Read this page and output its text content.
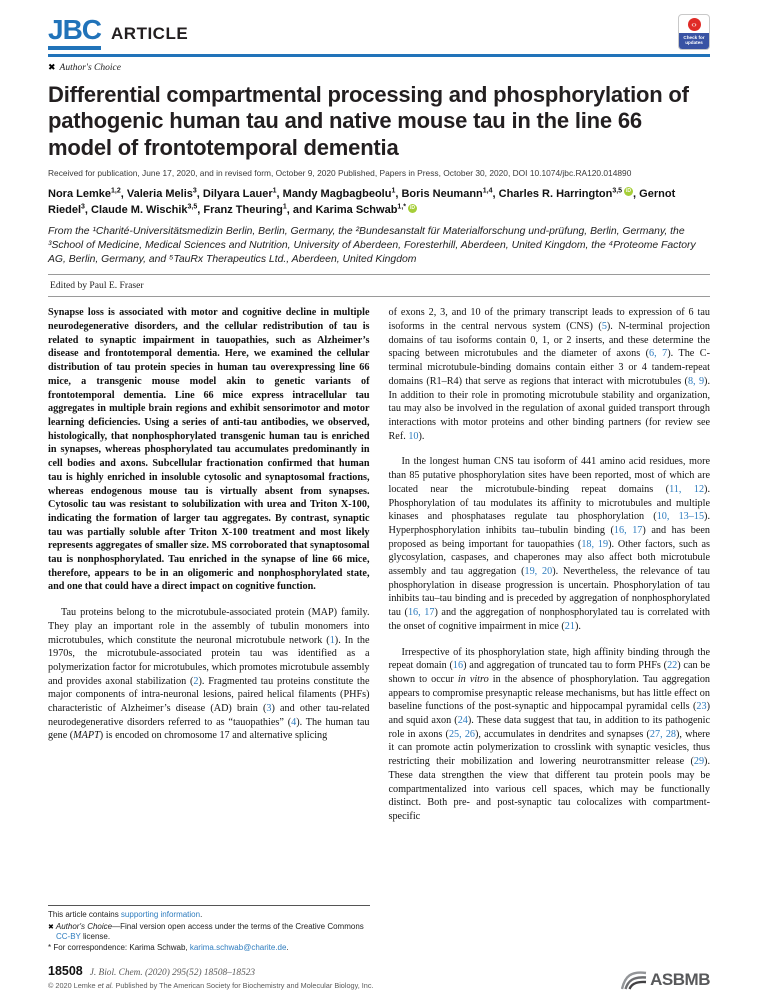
JBC ARTICLE	‹›
Check for updates
✖ Author's Choice
Differential compartmental processing and phosphorylation of pathogenic human tau and native mouse tau in the line 66 model of frontotemporal dementia

Received for publication, June 17, 2020, and in revised form, October 9, 2020 Published, Papers in Press, October 30, 2020, DOI 10.1074/jbc.RA120.014890

Nora Lemke$^{1,2}$, Valeria Melis$^3$, Dilyara Lauer$^1$, Mandy Magbagbeolu$^1$, Boris Neumann$^{1,4}$, Charles R. Harrington$^{3,5}$ iD , Gernot Riedel$^3$, Claude M. Wischik$^{3,5}$, Franz Theuring$^1$, and Karima Schwab$^{1,*}$ iD

From the ¹Charité-Universitätsmedizin Berlin, Berlin, Germany, the ²Bundesanstalt für Materialforschung und-prüfung, Berlin, Germany, the ³School of Medicine, Medical Sciences and Nutrition, University of Aberdeen, Foresterhill, Aberdeen, United Kingdom, the ⁴Proteome Factory AG, Berlin, Germany, and ⁵TauRx Therapeutics Ltd., Aberdeen, United Kingdom

Edited by Paul E. Fraser

Synapse loss is associated with motor and cognitive decline in multiple neurodegenerative disorders, and the cellular redistribution of tau is related to synaptic impairment in tauopathies, such as Alzheimer’s disease and frontotemporal dementia. Here, we examined the cellular distribution of tau protein species in human tau overexpressing line 66 mice, a transgenic mouse model akin to genetic variants of frontotemporal dementia. Line 66 mice express intracellular tau aggregates in multiple brain regions and exhibit sensorimotor and motor learning deficiencies. Using a series of anti-tau antibodies, we observed, histologically, that nonphosphorylated transgenic human tau is enriched in synapses, whereas phosphorylated tau accumulates predominantly in cell bodies and axons. Subcellular fractionation confirmed that human tau is highly enriched in insoluble cytosolic and synaptosomal fractions, whereas endogenous mouse tau is virtually absent from synapses. Cytosolic tau was resistant to solubilization with urea and Triton X-100, indicating the formation of larger tau aggregates. By contrast, synaptic tau was partially soluble after Triton X-100 treatment and most likely represents aggregates of smaller size. MS corroborated that synaptosomal tau is nonphosphorylated. Tau enriched in the synapse of line 66 mice, therefore, appears to be in an oligomeric and nonphosphorylated state, and one that could have a direct impact on cognitive function.

Tau proteins belong to the microtubule-associated protein (MAP) family. They play an important role in the assembly of tubulin monomers into microtubules, which constitute the neuronal microtubule network (1). In the 1970s, the microtubule-associated protein tau was identified as a polymerization factor for microtubules, which promotes microtubule assembly and provides axonal stabilization (2). Fragmented tau proteins constitute the major components of intra-neuronal lesions, paired helical filaments (PHFs) characteristic of Alzheimer’s disease (AD) brain (3) and other tau-related neurodegenerative disorders referred to as “tauopathies” (4). The human tau gene (MAPT) is encoded on chromosome 17 and alternative splicing

This article contains supporting information.

✖ Author's Choice—Final version open access under the terms of the Creative Commons CC-BY license.

* For correspondence: Karima Schwab, karima.schwab@charite.de.

of exons 2, 3, and 10 of the primary transcript leads to expression of 6 tau isoforms in the central nervous system (CNS) (5). N-terminal projection domains of tau isoforms contain 0, 1, or 2 inserts, and these determine the spacing between microtubules and the diameter of axons (6, 7). The C-terminal microtubule-binding domains contain either 3 or 4 tandem-repeat domains (R1–R4) that serve as regions that interact with microtubules (8, 9). In addition to their role in promoting microtubule stability and organization, tau may also be involved in the regulation of axonal guided transport through interactions with motor proteins and other binding partners (for review see Ref. 10).

In the longest human CNS tau isoform of 441 amino acid residues, more than 85 putative phosphorylation sites have been reported, most of which are located near the microtubule-binding repeat domains (11, 12). Phosphorylation of tau modulates its affinity to microtubules and multiple kinases and phosphatases regulate tau phosphorylation (10, 13–15). Hyperphosphorylation inhibits tau–tubulin binding (16, 17) and has been proposed as being important for tauopathies (18, 19). Other factors, such as glycosylation, caspases, and chaperones may also affect both microtubule assembly and tau aggregation (19, 20). Nevertheless, the relevance of tau phosphorylation in disease progression is uncertain. Phosphorylation of tau inhibits tau–tau binding and is preceded by aggregation of nonphosphorylated tau (16, 17) and the aggregation of nonphosphorylated tau is correlated with the onset of cognitive impairment in mice (21).

Irrespective of its phosphorylation state, high affinity binding through the repeat domain (16) and aggregation of truncated tau to form PHFs (22) can be shown to occur in vitro in the absence of phosphorylation. Tau aggregation appears to compromise presynaptic release mechanisms, but has little effect on baseline functions of the post-synaptic and hippocampal pyramidal cells (23) and squid axon (24). These data suggest that tau, in addition to its pathogenic role in axons (25, 26), accumulates in dendrites and synapses (27, 28), where it can promote actin polymerization to crosslink with synaptic vesicles, thus restricting their mobilization and lowering neurotransmitter release (29). These data strengthen the view that different tau protein pools may be compartmentalized into various cell spaces, which may be functionally distinct. Both pre- and post-synaptic tau colocalizes with compartment-specific

18508 J. Biol. Chem. (2020) 295(52) 18508–18523
© 2020 Lemke et al. Published by The American Society for Biochemistry and Molecular Biology, Inc.	ASBMB
